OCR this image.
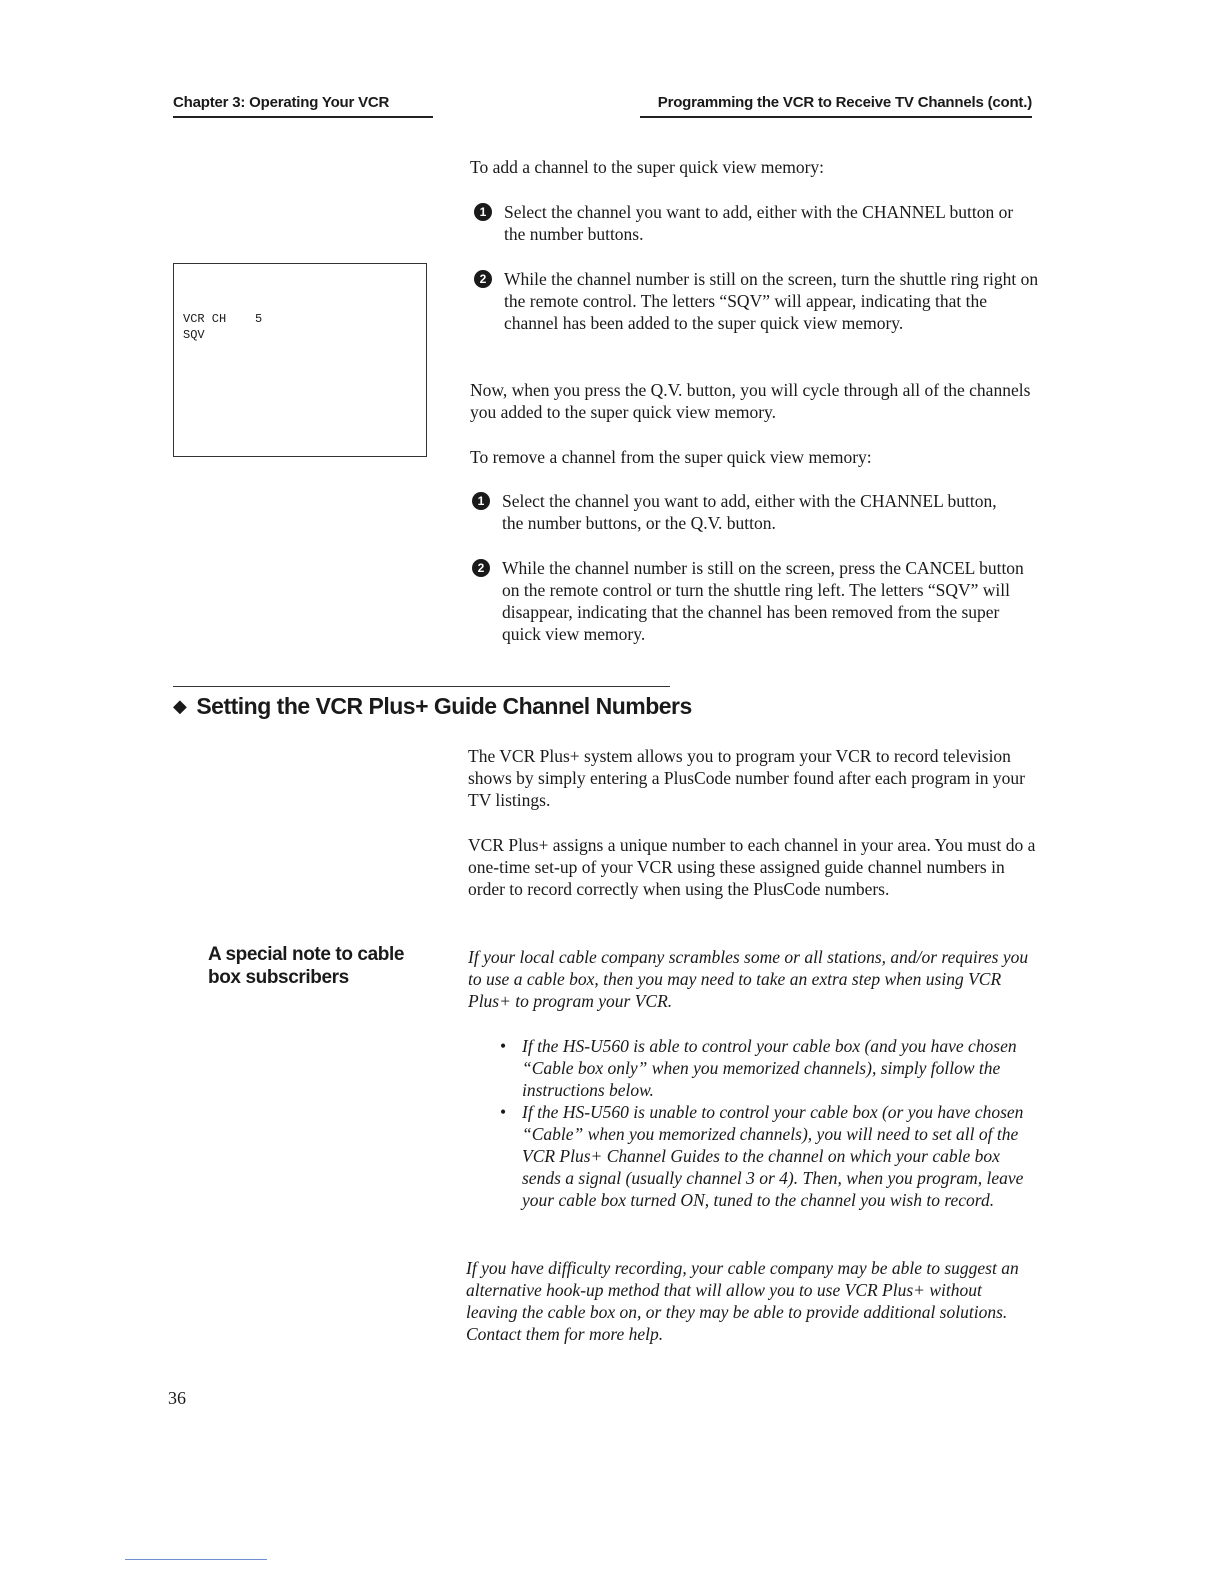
Chapter 3: Operating Your VCR	Programming the VCR to Receive TV Channels (cont.)
VCR CH    5
SQV

To add a channel to the super quick view memory:

1	Select the channel you want to add, either with the CHANNEL button or the number buttons.

2	While the channel number is still on the screen, turn the shuttle ring right on the remote control. The letters “SQV” will appear, indicating that the channel has been added to the super quick view memory.

Now, when you press the Q.V. button, you will cycle through all of the channels you added to the super quick view memory.

To remove a channel from the super quick view memory:

1	Select the channel you want to add, either with the CHANNEL button, the number buttons, or the Q.V. button.

2	While the channel number is still on the screen, press the CANCEL button on the remote control or turn the shuttle ring left. The letters “SQV” will disappear, indicating that the channel has been removed from the super quick view memory.

◆ Setting the VCR Plus+ Guide Channel Numbers

The VCR Plus+ system allows you to program your VCR to record television shows by simply entering a PlusCode number found after each program in your TV listings.

VCR Plus+ assigns a unique number to each channel in your area. You must do a one-time set-up of your VCR using these assigned guide channel numbers in order to record correctly when using the PlusCode numbers.

A special note to cable box subscribers

If your local cable company scrambles some or all stations, and/or requires you to use a cable box, then you may need to take an extra step when using VCR Plus+ to program your VCR.

• If the HS-U560 is able to control your cable box (and you have chosen “Cable box only” when you memorized channels), simply follow the instructions below.
• If the HS-U560 is unable to control your cable box (or you have chosen “Cable” when you memorized channels), you will need to set all of the VCR Plus+ Channel Guides to the channel on which your cable box sends a signal (usually channel 3 or 4). Then, when you program, leave your cable box turned ON, tuned to the channel you wish to record.

If you have difficulty recording, your cable company may be able to suggest an alternative hook-up method that will allow you to use VCR Plus+ without leaving the cable box on, or they may be able to provide additional solutions. Contact them for more help.

36
